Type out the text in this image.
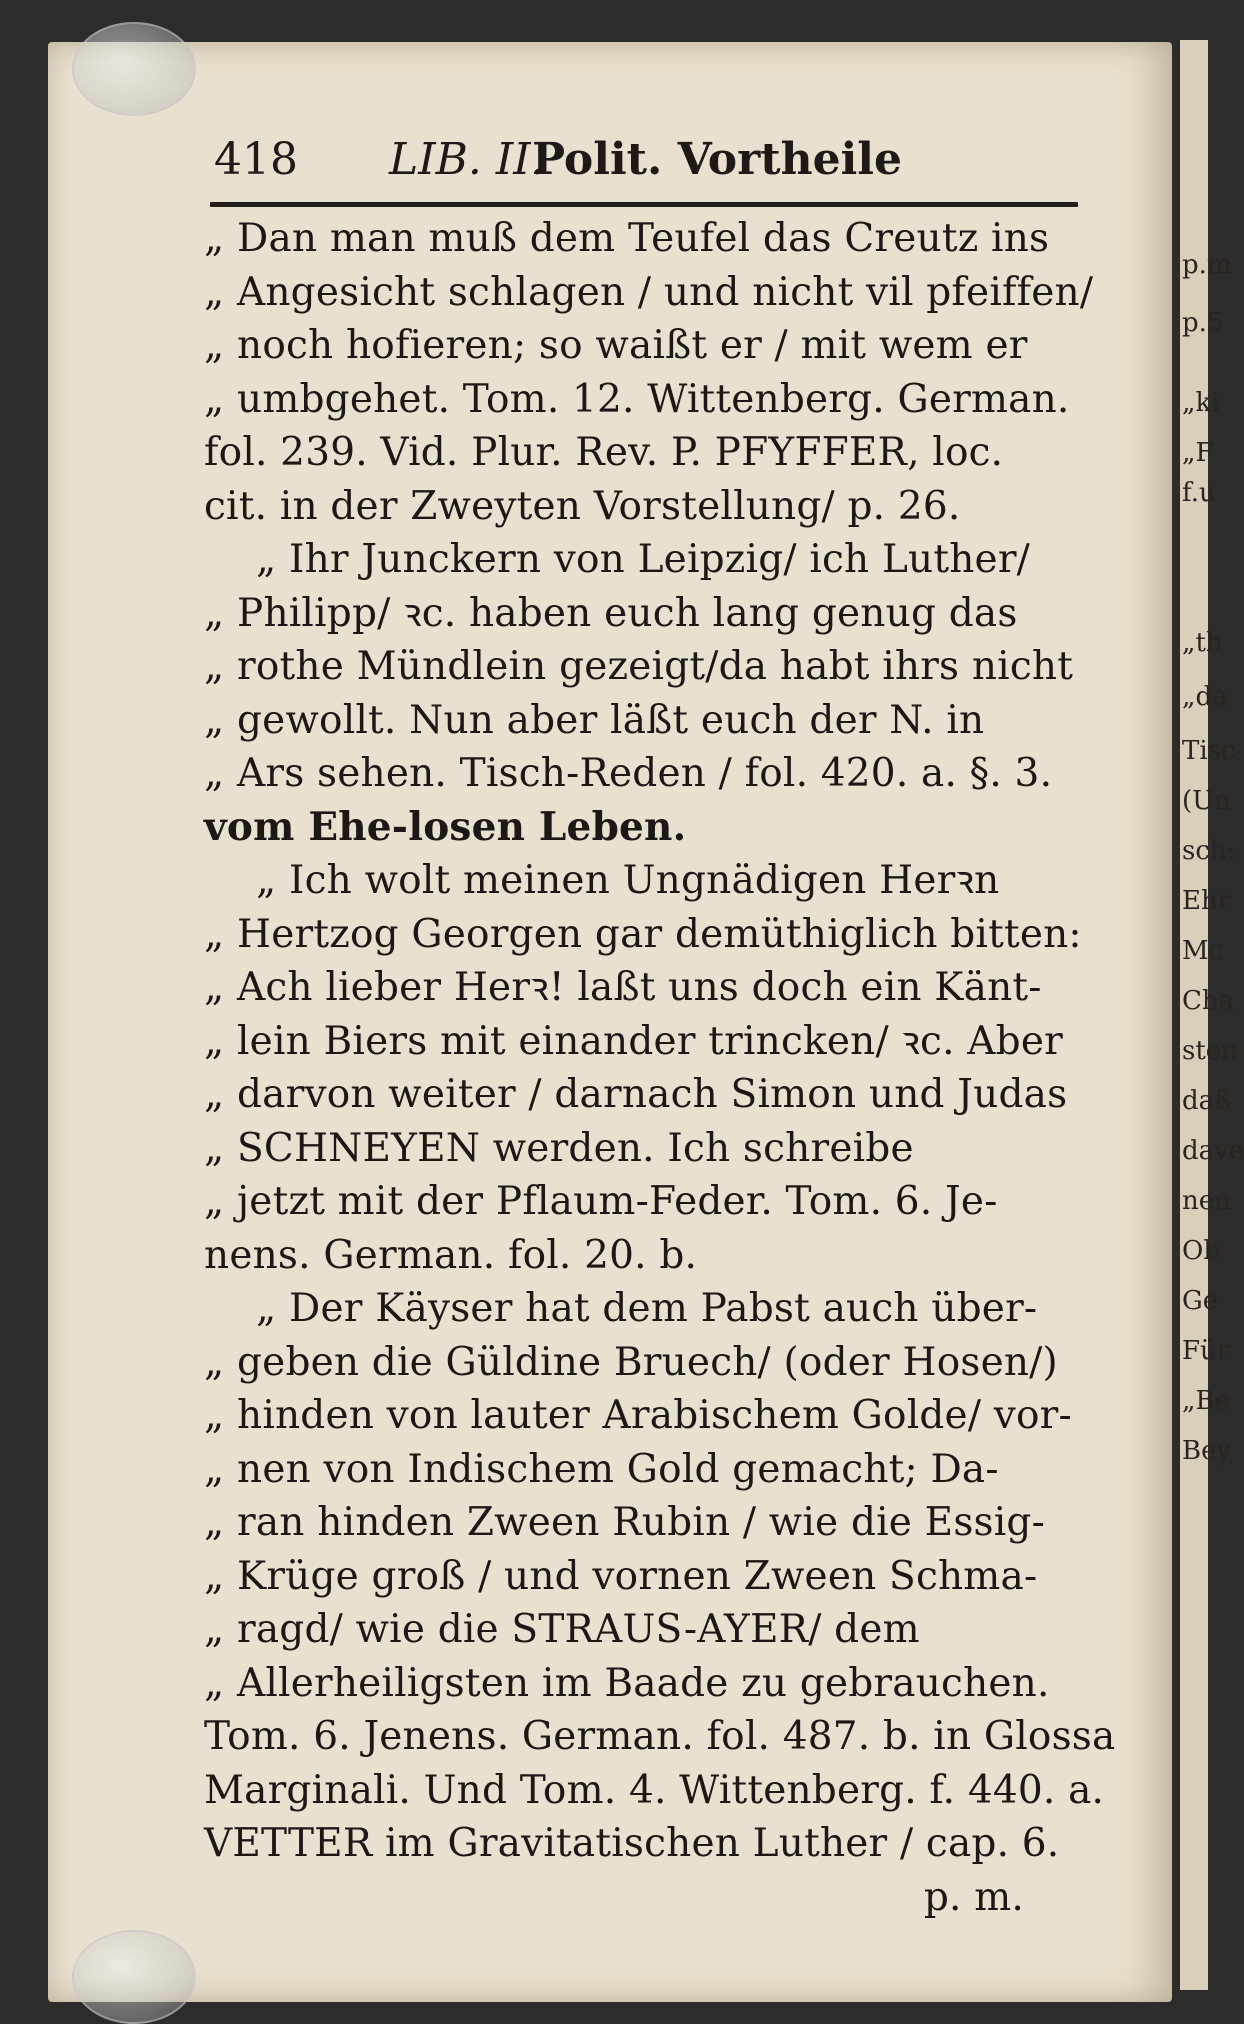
p.m
p.5
„ki
„F
f.u
„th
„da
Tisc
(Un
sch:
Ehr
Mc
Cha
sten
daß
dave
nen
Ob
Ge
Für
„Be
Bey
418 LIB. II.
Polit. Vortheile
„ Dan man muß dem Teufel das Creutz ins
„ Angesicht schlagen / und nicht vil pfeiffen/
„ noch hofieren; so waißt er / mit wem er
„ umbgehet. Tom. 12. Wittenberg. German.
fol. 239. Vid. Plur. Rev. P. PFYFFER, loc.
cit. in der Zweyten Vorstellung/ p. 26.
„ Ihr Junckern von Leipzig/ ich Luther/
„ Philipp/ ꝛc. haben euch lang genug das
„ rothe Mündlein gezeigt/da habt ihrs nicht
„ gewollt. Nun aber läßt euch der N. in
„ Ars sehen. Tisch-Reden / fol. 420. a. §. 3.
vom Ehe-losen Leben.
„ Ich wolt meinen Ungnädigen Herꝛn
„ Hertzog Georgen gar demüthiglich bitten:
„ Ach lieber Herꝛ! laßt uns doch ein Känt-
„ lein Biers mit einander trincken/ ꝛc. Aber
„ darvon weiter / darnach Simon und Judas
„ SCHNEYEN werden. Ich schreibe
„ jetzt mit der Pflaum-Feder. Tom. 6. Je-
nens. German. fol. 20. b.
„ Der Käyser hat dem Pabst auch über-
„ geben die Güldine Bruech/ (oder Hosen/)
„ hinden von lauter Arabischem Golde/ vor-
„ nen von Indischem Gold gemacht; Da-
„ ran hinden Zween Rubin / wie die Essig-
„ Krüge groß / und vornen Zween Schma-
„ ragd/ wie die STRAUS-AYER/ dem
„ Allerheiligsten im Baade zu gebrauchen.
Tom. 6. Jenens. German. fol. 487. b. in Glossa
Marginali. Und Tom. 4. Wittenberg. f. 440. a.
VETTER im Gravitatischen Luther / cap. 6.
p. m.
